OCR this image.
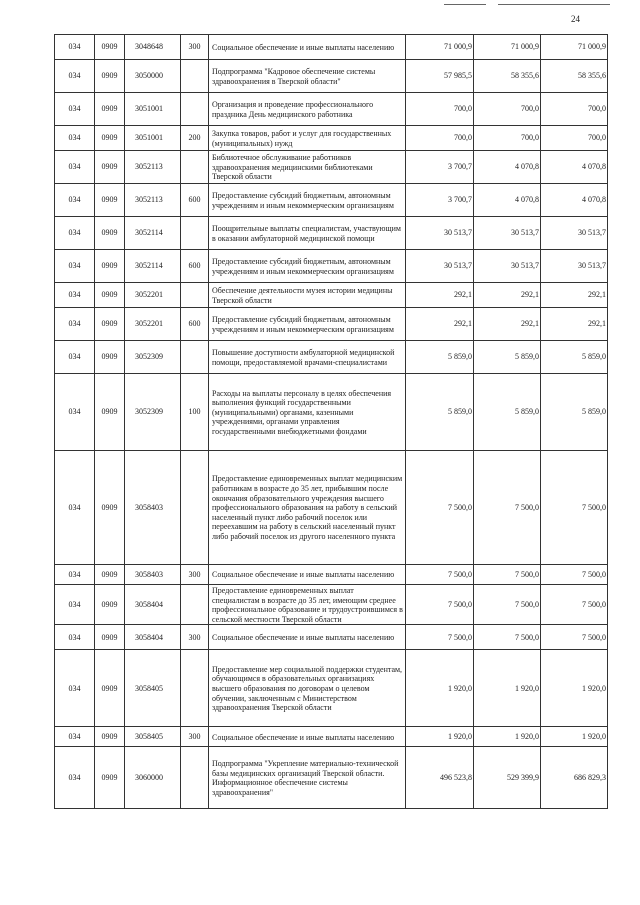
24
034	0909	3048648	300	Социальное обеспечение и иные выплаты населению	71 000,9	71 000,9	71 000,9
034	0909	3050000		Подпрограмма "Кадровое обеспечение системы здравоохранения в Тверской области"	57 985,5	58 355,6	58 355,6
034	0909	3051001		Организация и проведение профессионального праздника День медицинского работника	700,0	700,0	700,0
034	0909	3051001	200	Закупка товаров, работ и услуг для государственных (муниципальных) нужд	700,0	700,0	700,0
034	0909	3052113		Библиотечное обслуживание работников здравоохранения медицинскими библиотеками Тверской области	3 700,7	4 070,8	4 070,8
034	0909	3052113	600	Предоставление субсидий бюджетным, автономным учреждениям и иным некоммерческим организациям	3 700,7	4 070,8	4 070,8
034	0909	3052114		Поощрительные выплаты специалистам, участвующим в оказании амбулаторной медицинской помощи	30 513,7	30 513,7	30 513,7
034	0909	3052114	600	Предоставление субсидий бюджетным, автономным учреждениям и иным некоммерческим организациям	30 513,7	30 513,7	30 513,7
034	0909	3052201		Обеспечение деятельности музея истории медицины Тверской области	292,1	292,1	292,1
034	0909	3052201	600	Предоставление субсидий бюджетным, автономным учреждениям и иным некоммерческим организациям	292,1	292,1	292,1
034	0909	3052309		Повышение доступности амбулаторной медицинской помощи, предоставляемой врачами-специалистами	5 859,0	5 859,0	5 859,0
034	0909	3052309	100	Расходы на выплаты персоналу в целях обеспечения выполнения функций государственными (муниципальными) органами, казенными учреждениями, органами управления государственными внебюджетными фондами	5 859,0	5 859,0	5 859,0
034	0909	3058403		Предоставление единовременных выплат медицинским работникам в возрасте до 35 лет, прибывшим после окончания образовательного учреждения высшего профессионального образования на работу в сельский населенный пункт либо рабочий поселок или переехавшим на работу в сельский населенный пункт либо рабочий поселок из другого населенного пункта	7 500,0	7 500,0	7 500,0
034	0909	3058403	300	Социальное обеспечение и иные выплаты населению	7 500,0	7 500,0	7 500,0
034	0909	3058404		Предоставление единовременных выплат специалистам в возрасте до 35 лет, имеющим среднее профессиональное образование и трудоустроившимся в сельской местности Тверской области	7 500,0	7 500,0	7 500,0
034	0909	3058404	300	Социальное обеспечение и иные выплаты населению	7 500,0	7 500,0	7 500,0
034	0909	3058405		Предоставление мер социальной поддержки студентам, обучающимся в образовательных организациях высшего образования по договорам о целевом обучении, заключенным с Министерством здравоохранения Тверской области	1 920,0	1 920,0	1 920,0
034	0909	3058405	300	Социальное обеспечение и иные выплаты населению	1 920,0	1 920,0	1 920,0
034	0909	3060000		Подпрограмма "Укрепление материально-технической базы медицинских организаций Тверской области. Информационное обеспечение системы здравоохранения"	496 523,8	529 399,9	686 829,3
